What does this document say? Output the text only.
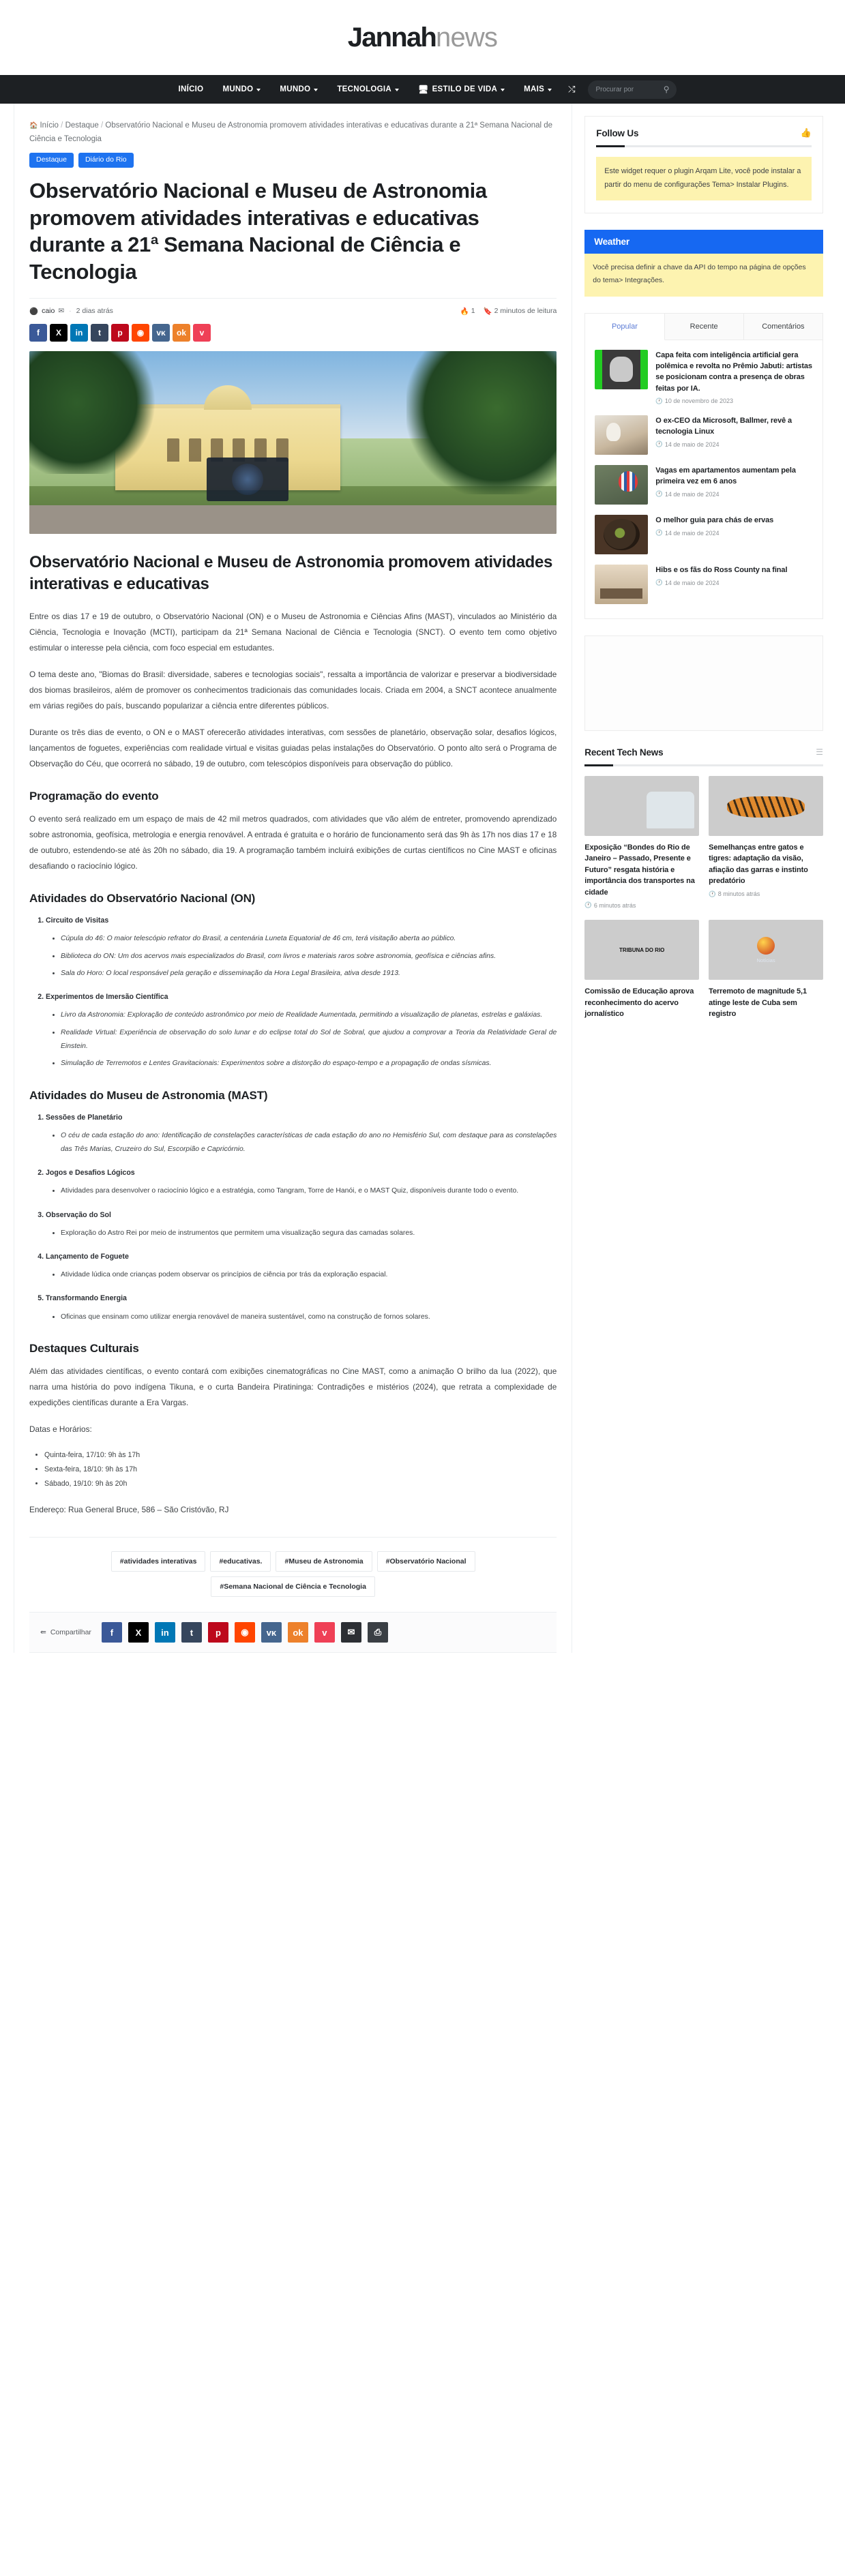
Jannah news
INÍCIO MUNDO	MUNDO	TECNOLOGIA	🖥 ESTILO DE VIDA	MAIS	⤭
Procurar por	⚲
🏠 Início / Destaque / Observatório Nacional e Museu de Astronomia promovem atividades interativas e educativas durante a 21ª Semana Nacional de Ciência e Tecnologia
Destaque	Diário do Rio
Observatório Nacional e Museu de Astronomia promovem atividades interativas e educativas durante a 21ª Semana Nacional de Ciência e Tecnologia
⚫ caio ✉ · 2 dias atrás	🔥 1 🔖 2 minutos de leitura
f	X	in	t	p	◉	ᴠᴋ	ok	v
Observatório Nacional e Museu de Astronomia promovem atividades interativas e educativas

Entre os dias 17 e 19 de outubro, o Observatório Nacional (ON) e o Museu de Astronomia e Ciências Afins (MAST), vinculados ao Ministério da Ciência, Tecnologia e Inovação (MCTI), participam da 21ª Semana Nacional de Ciência e Tecnologia (SNCT). O evento tem como objetivo estimular o interesse pela ciência, com foco especial em estudantes.

O tema deste ano, "Biomas do Brasil: diversidade, saberes e tecnologias sociais", ressalta a importância de valorizar e preservar a biodiversidade dos biomas brasileiros, além de promover os conhecimentos tradicionais das comunidades locais. Criada em 2004, a SNCT acontece anualmente em várias regiões do país, buscando popularizar a ciência entre diferentes públicos.

Durante os três dias de evento, o ON e o MAST oferecerão atividades interativas, com sessões de planetário, observação solar, desafios lógicos, lançamentos de foguetes, experiências com realidade virtual e visitas guiadas pelas instalações do Observatório. O ponto alto será o Programa de Observação do Céu, que ocorrerá no sábado, 19 de outubro, com telescópios disponíveis para observação do público.

Programação do evento

O evento será realizado em um espaço de mais de 42 mil metros quadrados, com atividades que vão além de entreter, promovendo aprendizado sobre astronomia, geofísica, metrologia e energia renovável. A entrada é gratuita e o horário de funcionamento será das 9h às 17h nos dias 17 e 18 de outubro, estendendo-se até às 20h no sábado, dia 19. A programação também incluirá exibições de curtas científicos no Cine MAST e oficinas desafiando o raciocínio lógico.

Atividades do Observatório Nacional (ON)
1. Circuito de Visitas
• Cúpula do 46: O maior telescópio refrator do Brasil, a centenária Luneta Equatorial de 46 cm, terá visitação aberta ao público.
• Biblioteca do ON: Um dos acervos mais especializados do Brasil, com livros e materiais raros sobre astronomia, geofísica e ciências afins.
• Sala do Horo: O local responsável pela geração e disseminação da Hora Legal Brasileira, ativa desde 1913.
2. Experimentos de Imersão Científica
• Livro da Astronomia: Exploração de conteúdo astronômico por meio de Realidade Aumentada, permitindo a visualização de planetas, estrelas e galáxias.
• Realidade Virtual: Experiência de observação do solo lunar e do eclipse total do Sol de Sobral, que ajudou a comprovar a Teoria da Relatividade Geral de Einstein.
• Simulação de Terremotos e Lentes Gravitacionais: Experimentos sobre a distorção do espaço-tempo e a propagação de ondas sísmicas.
Atividades do Museu de Astronomia (MAST)
1. Sessões de Planetário
• O céu de cada estação do ano: Identificação de constelações características de cada estação do ano no Hemisfério Sul, com destaque para as constelações das Três Marias, Cruzeiro do Sul, Escorpião e Capricórnio.
2. Jogos e Desafios Lógicos
• Atividades para desenvolver o raciocínio lógico e a estratégia, como Tangram, Torre de Hanói, e o MAST Quiz, disponíveis durante todo o evento.
3. Observação do Sol
• Exploração do Astro Rei por meio de instrumentos que permitem uma visualização segura das camadas solares.
4. Lançamento de Foguete
• Atividade lúdica onde crianças podem observar os princípios de ciência por trás da exploração espacial.
5. Transformando Energia
• Oficinas que ensinam como utilizar energia renovável de maneira sustentável, como na construção de fornos solares.
Destaques Culturais

Além das atividades científicas, o evento contará com exibições cinematográficas no Cine MAST, como a animação O brilho da lua (2022), que narra uma história do povo indígena Tikuna, e o curta Bandeira Piratininga: Contradições e mistérios (2024), que retrata a complexidade de expedições científicas durante a Era Vargas.

Datas e Horários:

• Quinta-feira, 17/10: 9h às 17h
• Sexta-feira, 18/10: 9h às 17h
• Sábado, 19/10: 9h às 20h

Endereço: Rua General Bruce, 586 – São Cristóvão, RJ

#atividades interativas	#educativas.	#Museu de Astronomia	#Observatório Nacional
#Semana Nacional de Ciência e Tecnologia
⇚ Compartilhar	f	X	in	t	p	◉	ᴠᴋ	ok	v	✉	⎙
Follow Us	👍
Este widget requer o plugin Arqam Lite, você pode instalar a partir do menu de configurações Tema> Instalar Plugins.
Weather
Você precisa definir a chave da API do tempo na página de opções do tema> Integrações.
Popular	Recente	Comentários
Capa feita com inteligência artificial gera polêmica e revolta no Prêmio Jabuti: artistas se posicionam contra a presença de obras feitas por IA.
🕐 10 de novembro de 2023
O ex-CEO da Microsoft, Ballmer, revê a tecnologia Linux
🕐 14 de maio de 2024
Vagas em apartamentos aumentam pela primeira vez em 6 anos
🕐 14 de maio de 2024
O melhor guia para chás de ervas
🕐 14 de maio de 2024
Hibs e os fãs do Ross County na final
🕐 14 de maio de 2024
Recent Tech News	☰
Exposição “Bondes do Rio de Janeiro – Passado, Presente e Futuro” resgata história e importância dos transportes na cidade
🕐 6 minutos atrás
Semelhanças entre gatos e tigres: adaptação da visão, afiação das garras e instinto predatório
🕐 8 minutos atrás
TRIBUNA DO RIO
Comissão de Educação aprova reconhecimento do acervo jornalístico
Notícias
Terremoto de magnitude 5,1 atinge leste de Cuba sem registro
